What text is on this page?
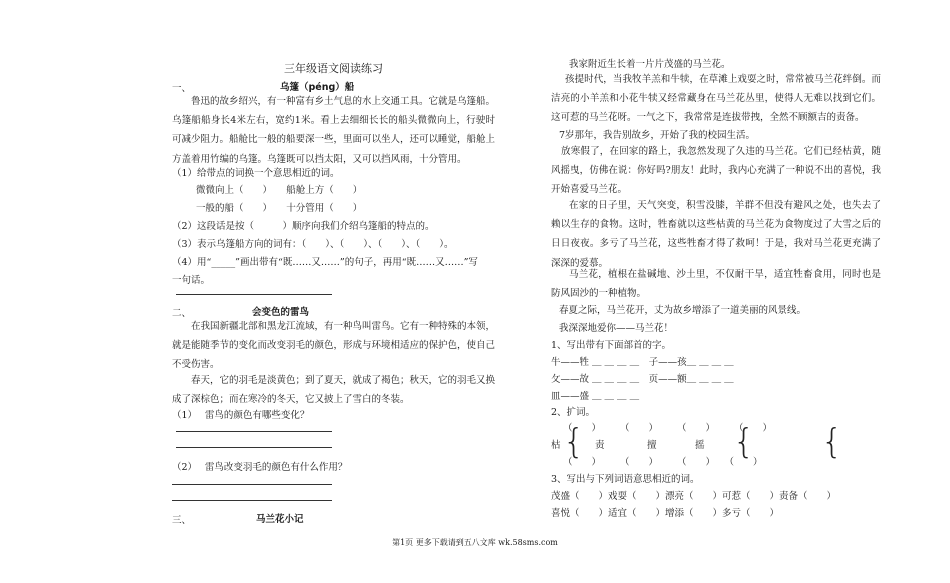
三年级语文阅读练习
一、	乌篷（péng）船
鲁迅的故乡绍兴，有一种富有乡土气息的水上交通工具。它就是乌篷船。乌篷船船身长4米左右，宽约1米。看上去细细长长的船头微微向上，行驶时可减少阻力。船舱比一般的船要深一些，里面可以坐人，还可以睡觉，船舱上方盖着用竹编的乌篷。乌篷既可以挡太阳，又可以挡风雨，十分管用。
（1）给带点的词换一个意思相近的词。
微微向上（　　）　　船舱上方（　　）
一般的船（　　）　　十分管用（　　）
（2）这段话是按（　　　）顺序向我们介绍乌篷船的特点的。
（3）表示乌篷船方向的词有：（　　）、（　　）、（　　）、（　　）。
（4）用“_____”画出带有“既……又……”的句子，再用“既……又……”写
一句话。
二、	会变色的雷鸟
在我国新疆北部和黑龙江流域，有一种鸟叫雷鸟。它有一种特殊的本领，就是能随季节的变化而改变羽毛的颜色，形成与环境相适应的保护色，使自己不受伤害。
春天，它的羽毛是淡黄色；到了夏天，就成了褐色；秋天，它的羽毛又换成了深棕色；而在寒冷的冬天，它又披上了雪白的冬装。
（1）　 雷鸟的颜色有哪些变化？
（2）　 雷鸟改变羽毛的颜色有什么作用？
三、	马兰花小记
我家附近生长着一片片茂盛的马兰花。
孩提时代，当我牧羊羔和牛犊，在草滩上戏耍之时，常常被马兰花绊倒。而洁亮的小羊羔和小花牛犊又经常藏身在马兰花丛里，使得人无难以找到它们。这可惹的马兰花呀。一气之下，我常常是连拔带拽，全然不顾额吉的责备。
7岁那年，我告别故乡，开始了我的校园生活。
放寒假了，在回家的路上，我忽然发现了久违的马兰花。它们已经枯黄，随风摇曳，仿佛在说：你好吗?朋友！此时，我内心充满了一种说不出的喜悦，我开始喜爱马兰花。
在家的日子里，天气突变，积雪没膝，羊群不但没有避风之处，也失去了赖以生存的食物。这时，牲畜就以这些枯黄的马兰花为食物度过了大雪之后的日日夜夜。多亏了马兰花，这些牲畜才得了救呵！于是，我对马兰花更充满了深深的爱慕。
马兰花，植根在盐碱地、沙土里，不仅耐干旱，适宜牲畜食用，同时也是防风固沙的一种植物。
春夏之际，马兰花开，丈为故乡增添了一道美丽的风景线。
我深深地爱你——马兰花！
1、写出带有下面部首的字。
牛——牲 ＿ ＿ ＿ ＿　子——孩＿ ＿ ＿ ＿
攵——故 ＿ ＿ ＿ ＿　页——额＿ ＿ ＿ ＿
皿——盛 ＿ ＿ ＿ ＿
2、扩词。
（　　）　　　（　　）　　　（　　）　　　（　　）
枯 { 责	擅	摇 { {
（　　）　　　（　　）　　　（　　）　　（　　）
3、写出与下列词语意思相近的词。
茂盛（　　）戏耍（　　）漂亮（　　）可惹（　　）责备（　　）
喜悦（　　）适宜（　　）增添（　　）多亏（　　）
第1页 更多下载请到五八文库 wk.58sms.com
